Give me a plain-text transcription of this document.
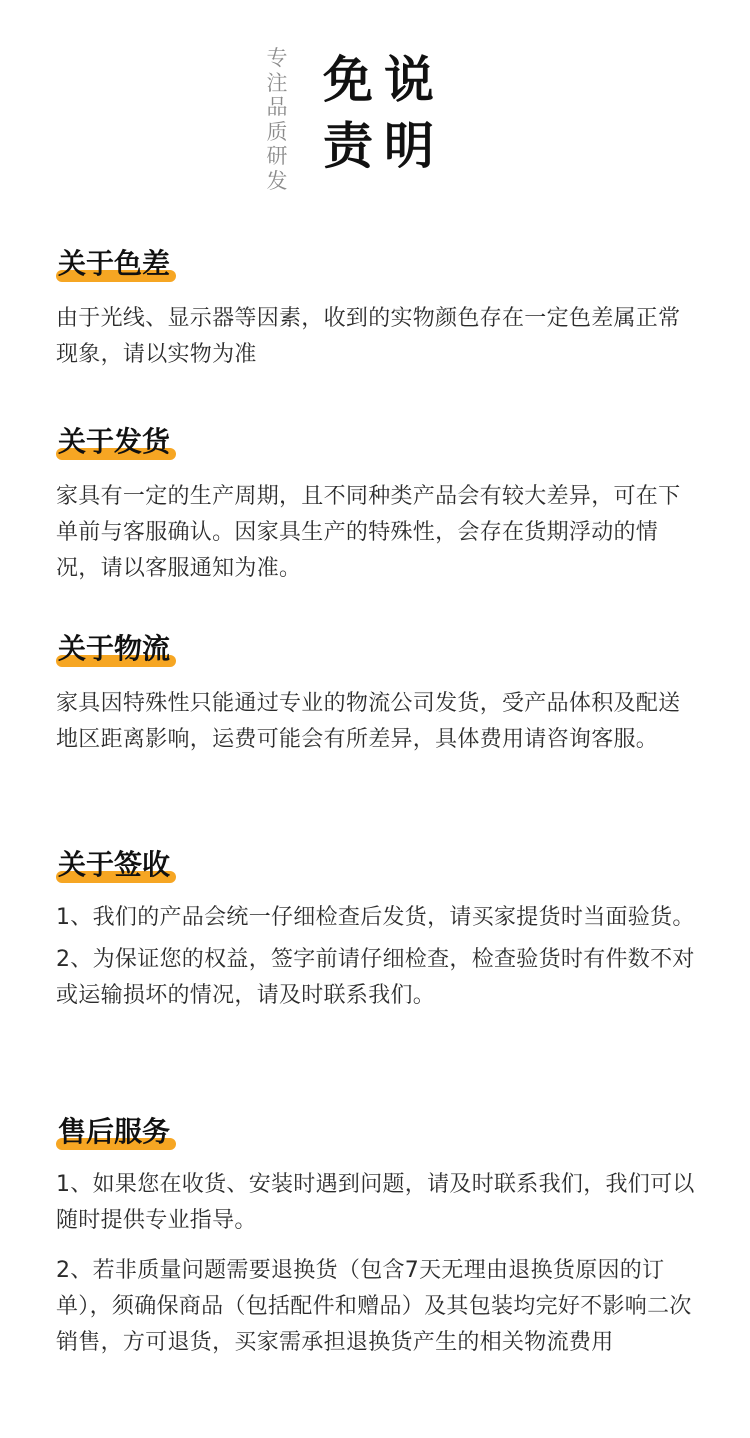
专
注
品
质
研
发
免 说
责 明
关于色差

由于光线、显示器等因素，收到的实物颜色存在一定色差属正常现象，请以实物为准

关于发货

家具有一定的生产周期，且不同种类产品会有较大差异，可在下单前与客服确认。因家具生产的特殊性，会存在货期浮动的情况，请以客服通知为准。

关于物流

家具因特殊性只能通过专业的物流公司发货，受产品体积及配送地区距离影响，运费可能会有所差异，具体费用请咨询客服。

关于签收

1、我们的产品会统一仔细检查后发货，请买家提货时当面验货。

2、为保证您的权益，签字前请仔细检查，检查验货时有件数不对或运输损坏的情况，请及时联系我们。

售后服务

1、如果您在收货、安装时遇到问题，请及时联系我们，我们可以随时提供专业指导。

2、若非质量问题需要退换货（包含7天无理由退换货原因的订单），须确保商品（包括配件和赠品）及其包装均完好不影响二次销售，方可退货，买家需承担退换货产生的相关物流费用
